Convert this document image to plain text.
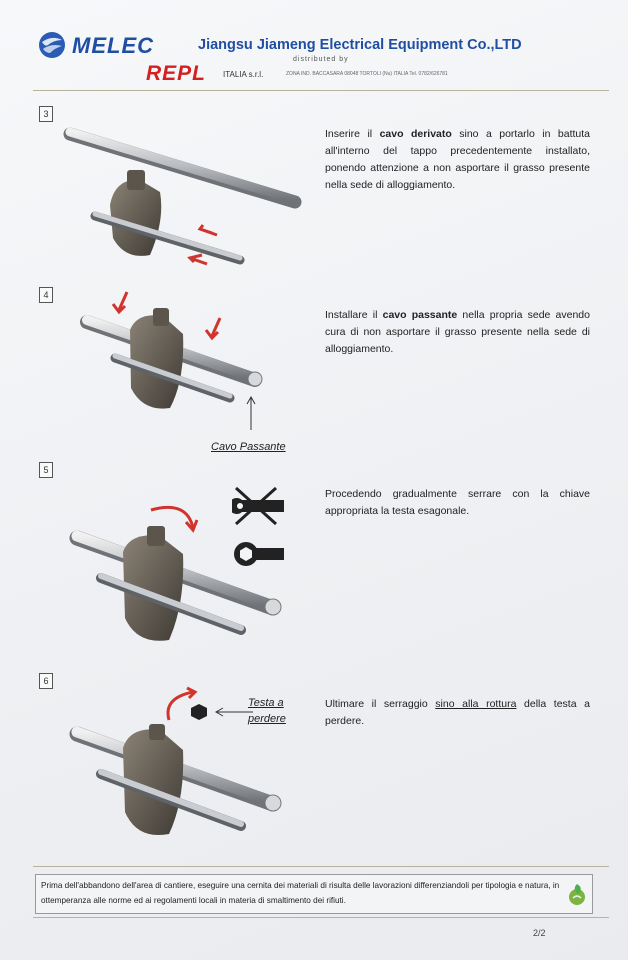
MELEC	Jiangsu Jiameng Electrical Equipment Co.,LTD
distributed by
REPL ITALIA s.r.l.	ZONA IND. BACCASARA 08048 TORTOLI (Nu) ITALIA Tel. 0782/626781
3
Inserire il cavo derivato sino a portarlo in battuta all'interno del tappo precedentemente installato, ponendo attenzione a non asportare il grasso presente nella sede di alloggiamento.
4
Cavo Passante
Installare il cavo passante nella propria sede avendo cura di non asportare il grasso presente nella sede di alloggiamento.
5
Procedendo gradualmente serrare con la chiave appropriata la testa esagonale.
6
Testa a
perdere
Ultimare il serraggio sino alla rottura della testa a perdere.
Prima dell'abbandono dell'area di cantiere, eseguire una cernita dei materiali di risulta delle lavorazioni differenziandoli per tipologia e natura, in ottemperanza alle norme ed ai regolamenti locali in materia di smaltimento dei rifiuti.
2/2
